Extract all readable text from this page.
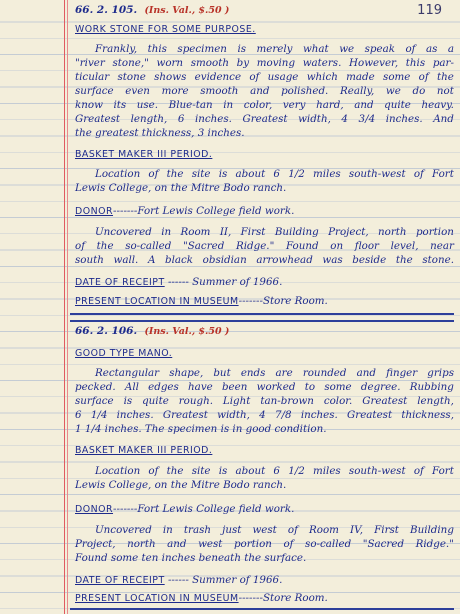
119
66. 2. 105. (Ins. Val., $.50 )
WORK STONE FOR SOME PURPOSE.
Frankly, this specimen is merely what we speak of as a
"river stone," worn smooth by moving waters. However, this par-
ticular stone shows evidence of usage which made some of the
surface even more smooth and polished. Really, we do not
know its use. Blue-tan in color, very hard, and quite heavy.
Greatest length, 6 inches. Greatest width, 4 3/4 inches. And
the greatest thickness, 3 inches.
BASKET MAKER III PERIOD.
Location of the site is about 6 1/2 miles south-west of Fort
Lewis College, on the Mitre Bodo ranch.
DONOR-------Fort Lewis College field work.
Uncovered in Room II, First Building Project, north portion
of the so-called "Sacred Ridge." Found on floor level, near
south wall. A black obsidian arrowhead was beside the stone.
DATE OF RECEIPT ------ Summer of 1966.
PRESENT LOCATION IN MUSEUM-------Store Room.
66. 2. 106. (Ins. Val., $.50 )
GOOD TYPE MANO.
Rectangular shape, but ends are rounded and finger grips
pecked. All edges have been worked to some degree. Rubbing
surface is quite rough. Light tan-brown color. Greatest length,
6 1/4 inches. Greatest width, 4 7/8 inches. Greatest thickness,
1 1/4 inches. The specimen is in good condition.
BASKET MAKER III PERIOD.
Location of the site is about 6 1/2 miles south-west of Fort
Lewis College, on the Mitre Bodo ranch.
DONOR-------Fort Lewis College field work.
Uncovered in trash just west of Room IV, First Building
Project, north and west portion of so-called "Sacred Ridge."
Found some ten inches beneath the surface.
DATE OF RECEIPT ------ Summer of 1966.
PRESENT LOCATION IN MUSEUM-------Store Room.
